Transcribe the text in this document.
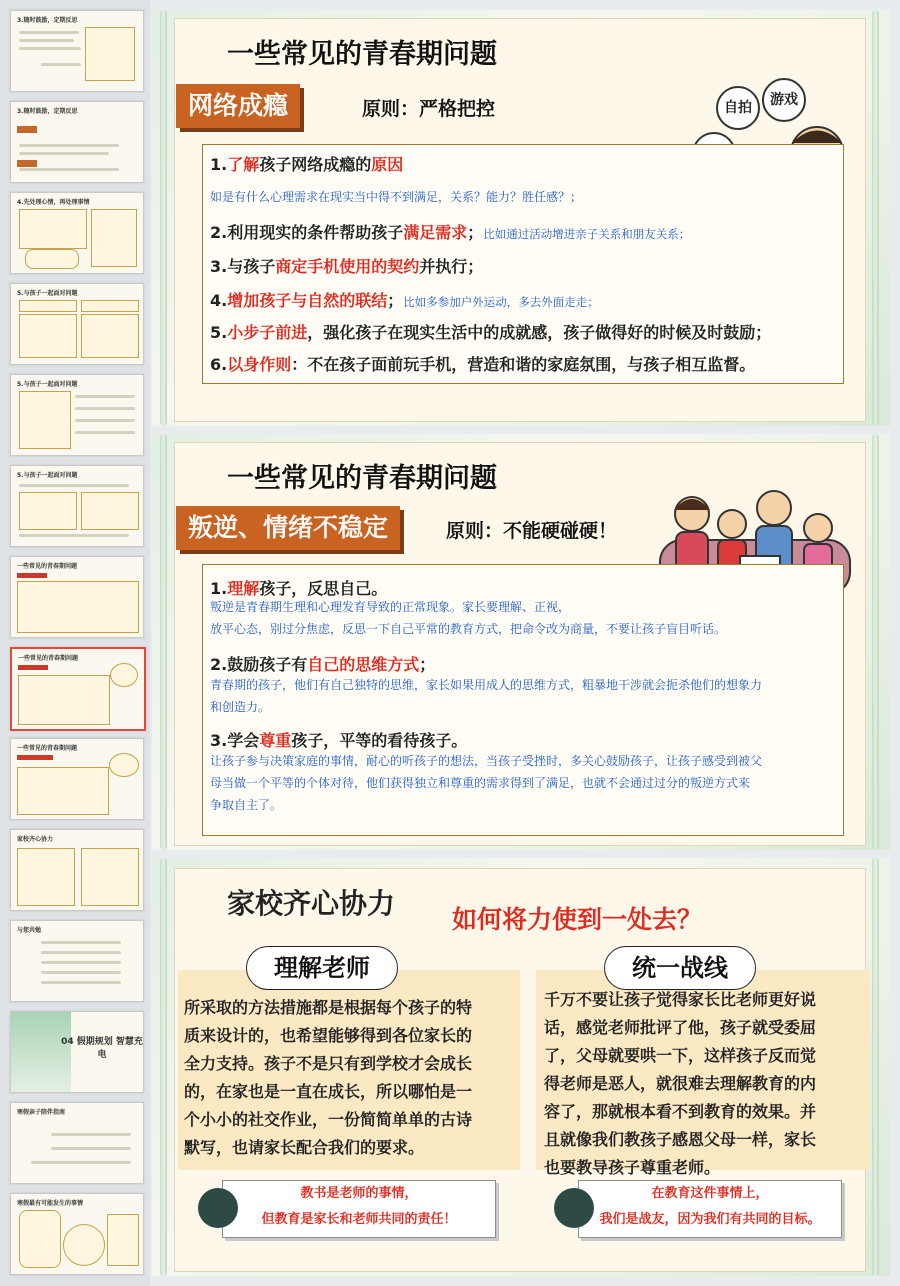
3.随时鼓励，定期反思
3.随时鼓励，定期反思
4.先处理心情，再处理事情
5.与孩子一起面对问题
5.与孩子一起面对问题
5.与孩子一起面对问题
一些常见的青春期问题
一些常见的青春期问题
一些常见的青春期问题
家校齐心协力
与您共勉
04 假期规划 智慧充电
寒假亲子陪伴指南
寒假最有可能发生的事情
一些常见的青春期问题
网络成瘾	原则：严格把控	自拍	游戏
1.了解孩子网络成瘾的原因
如是有什么心理需求在现实当中得不到满足，关系？能力？胜任感？；
2.利用现实的条件帮助孩子满足需求；比如通过活动增进亲子关系和朋友关系；
3.与孩子商定手机使用的契约并执行；
4.增加孩子与自然的联结；比如多参加户外运动，多去外面走走；
5.小步子前进，强化孩子在现实生活中的成就感，孩子做得好的时候及时鼓励；
6.以身作则：不在孩子面前玩手机，营造和谐的家庭氛围，与孩子相互监督。
一些常见的青春期问题
叛逆、情绪不稳定	原则：不能硬碰硬！
1.理解孩子，反思自己。
叛逆是青春期生理和心理发育导致的正常现象。家长要理解、正视，
放平心态，别过分焦虑，反思一下自己平常的教育方式，把命令改为商量，不要让孩子盲目听话。
2.鼓励孩子有自己的思维方式；
青春期的孩子，他们有自己独特的思维，家长如果用成人的思维方式，粗暴地干涉就会扼杀他们的想象力
和创造力。
3.学会尊重孩子，平等的看待孩子。
让孩子参与决策家庭的事情，耐心的听孩子的想法，当孩子受挫时，多关心鼓励孩子，让孩子感受到被父
母当做一个平等的个体对待，他们获得独立和尊重的需求得到了满足，也就不会通过过分的叛逆方式来
争取自主了。
家校齐心协力 如何将力使到一处去？
理解老师	统一战线
所采取的方法措施都是根据每个孩子的特
质来设计的，也希望能够得到各位家长的
全力支持。孩子不是只有到学校才会成长
的，在家也是一直在成长，所以哪怕是一
个小小的社交作业，一份简简单单的古诗
默写，也请家长配合我们的要求。
千万不要让孩子觉得家长比老师更好说
话，感觉老师批评了他，孩子就受委屈
了，父母就要哄一下，这样孩子反而觉
得老师是恶人，就很难去理解教育的内
容了，那就根本看不到教育的效果。并
且就像我们教孩子感恩父母一样，家长
也要教导孩子尊重老师。
教书是老师的事情，
但教育是家长和老师共同的责任！
在教育这件事情上，
我们是战友，因为我们有共同的目标。
